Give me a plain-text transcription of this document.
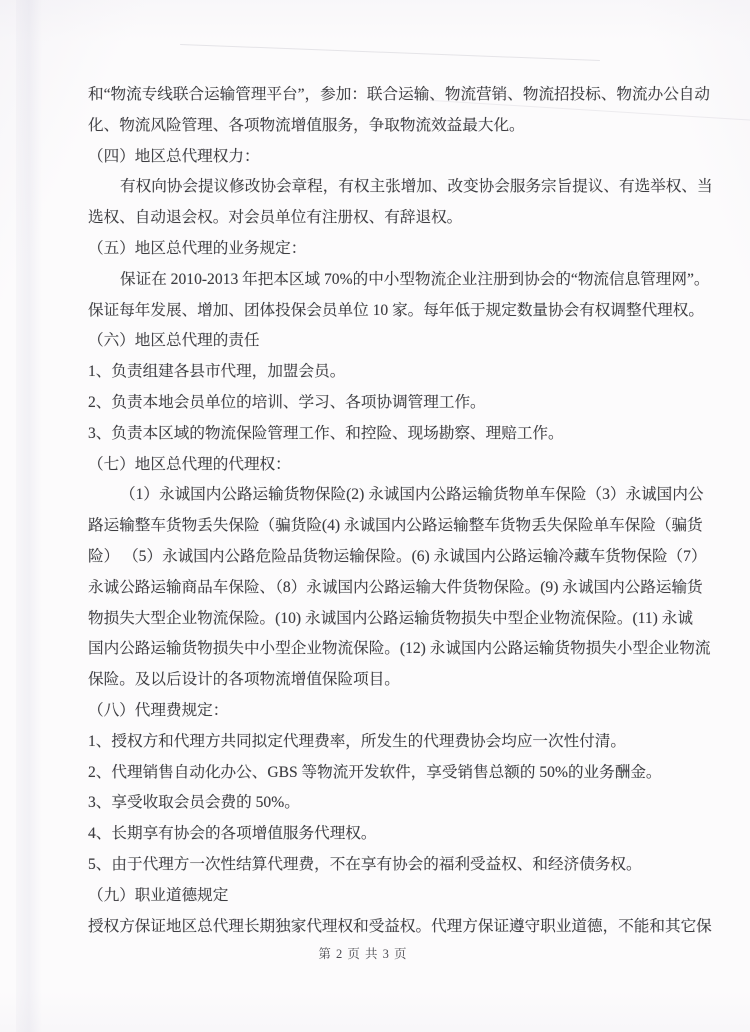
和“物流专线联合运输管理平台”，参加：联合运输、物流营销、物流招投标、物流办公自动
化、物流风险管理、各项物流增值服务，争取物流效益最大化。
（四）地区总代理权力：
有权向协会提议修改协会章程，有权主张增加、改变协会服务宗旨提议、有选举权、当
选权、自动退会权。对会员单位有注册权、有辞退权。
（五）地区总代理的业务规定：
保证在 2010-2013 年把本区域 70%的中小型物流企业注册到协会的“物流信息管理网”。
保证每年发展、增加、团体投保会员单位 10 家。每年低于规定数量协会有权调整代理权。
（六）地区总代理的责任
1、负责组建各县市代理，加盟会员。
2、负责本地会员单位的培训、学习、各项协调管理工作。
3、负责本区域的物流保险管理工作、和控险、现场勘察、理赔工作。
（七）地区总代理的代理权：
（1）永诚国内公路运输货物保险(2) 永诚国内公路运输货物单车保险（3）永诚国内公
路运输整车货物丢失保险（骗货险(4) 永诚国内公路运输整车货物丢失保险单车保险（骗货
险） （5）永诚国内公路危险品货物运输保险。(6) 永诚国内公路运输冷藏车货物保险（7）
永诚公路运输商品车保险、（8）永诚国内公路运输大件货物保险。(9) 永诚国内公路运输货
物损失大型企业物流保险。(10) 永诚国内公路运输货物损失中型企业物流保险。(11) 永诚
国内公路运输货物损失中小型企业物流保险。(12) 永诚国内公路运输货物损失小型企业物流
保险。及以后设计的各项物流增值保险项目。
（八）代理费规定：
1、授权方和代理方共同拟定代理费率，所发生的代理费协会均应一次性付清。
2、代理销售自动化办公、GBS 等物流开发软件，享受销售总额的 50%的业务酬金。
3、享受收取会员会费的 50%。
4、长期享有协会的各项增值服务代理权。
5、由于代理方一次性结算代理费，不在享有协会的福利受益权、和经济债务权。
（九）职业道德规定
授权方保证地区总代理长期独家代理权和受益权。代理方保证遵守职业道德，不能和其它保
第 2 页 共 3 页
